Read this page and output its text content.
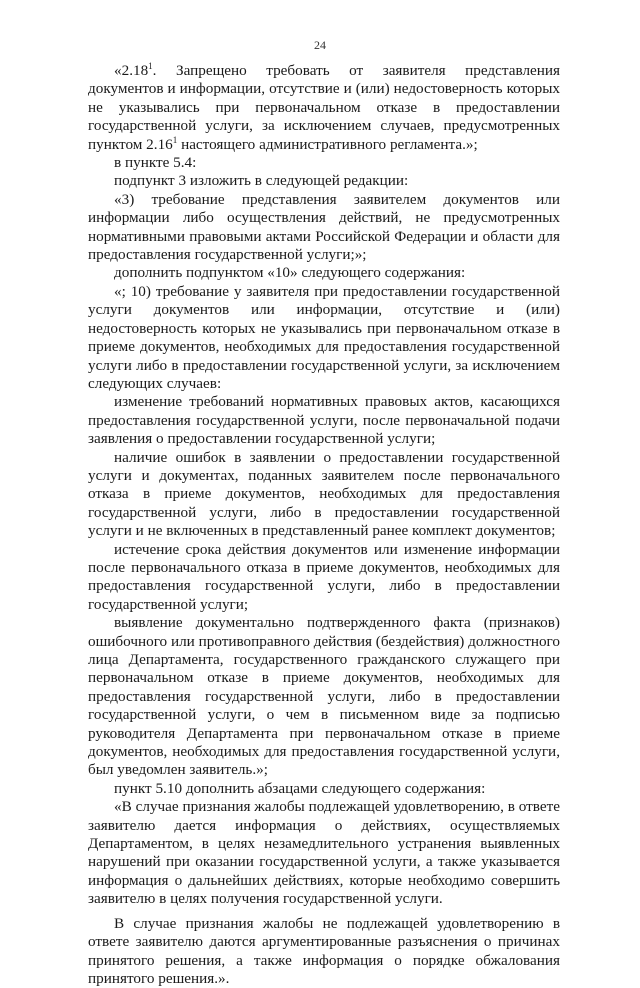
24

«2.18$^1$. Запрещено требовать от заявителя представления документов и информации, отсутствие и (или) недостоверность которых не указывались при первоначальном отказе в предоставлении государственной услуги, за исключением случаев, предусмотренных пунктом 2.16$^1$ настоящего административного регламента.»;

в пункте 5.4:

подпункт 3 изложить в следующей редакции:

«3) требование представления заявителем документов или информации либо осуществления действий, не предусмотренных нормативными правовыми актами Российской Федерации и области для предоставления государственной услуги;»;

дополнить подпунктом «10» следующего содержания:

«; 10) требование у заявителя при предоставлении государственной услуги документов или информации, отсутствие и (или) недостоверность которых не указывались при первоначальном отказе в приеме документов, необходимых для предоставления государственной услуги либо в предоставлении государственной услуги, за исключением следующих случаев:

изменение требований нормативных правовых актов, касающихся предоставления государственной услуги, после первоначальной подачи заявления о предоставлении государственной услуги;

наличие ошибок в заявлении о предоставлении государственной услуги и документах, поданных заявителем после первоначального отказа в приеме документов, необходимых для предоставления государственной услуги, либо в предоставлении государственной услуги и не включенных в представленный ранее комплект документов;

истечение срока действия документов или изменение информации после первоначального отказа в приеме документов, необходимых для предоставления государственной услуги, либо в предоставлении государственной услуги;

выявление документально подтвержденного факта (признаков) ошибочного или противоправного действия (бездействия) должностного лица Департамента, государственного гражданского служащего при первоначальном отказе в приеме документов, необходимых для предоставления государственной услуги, либо в предоставлении государственной услуги, о чем в письменном виде за подписью руководителя Департамента при первоначальном отказе в приеме документов, необходимых для предоставления государственной услуги, был уведомлен заявитель.»;

пункт 5.10 дополнить абзацами следующего содержания:

«В случае признания жалобы подлежащей удовлетворению, в ответе заявителю дается информация о действиях, осуществляемых Департаментом, в целях незамедлительного устранения выявленных нарушений при оказании государственной услуги, а также указывается информация о дальнейших действиях, которые необходимо совершить заявителю в целях получения государственной услуги.

В случае признания жалобы не подлежащей удовлетворению в ответе заявителю даются аргументированные разъяснения о причинах принятого решения, а также информация о порядке обжалования принятого решения.».
